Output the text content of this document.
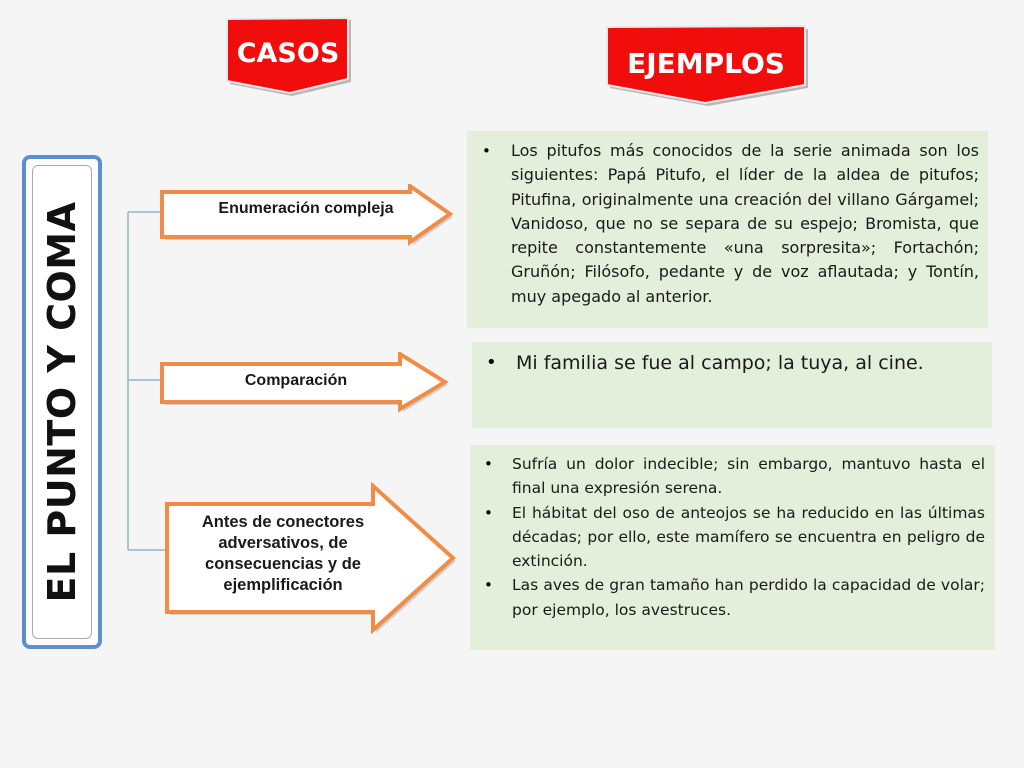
CASOS	EJEMPLOS
EL PUNTO Y COMA	Enumeración compleja
Comparación
Antes de conectores adversativos, de consecuencias y de ejemplificación
• Los pitufos más conocidos de la serie animada son los siguientes: Papá Pitufo, el líder de la aldea de pitufos; Pitufina, originalmente una creación del villano Gárgamel; Vanidoso, que no se separa de su espejo; Bromista, que repite constantemente «una sorpresita»; Fortachón; Gruñón; Filósofo, pedante y de voz aflautada; y Tontín, muy apegado al anterior.
• Mi familia se fue al campo; la tuya, al cine.
• Sufría un dolor indecible; sin embargo, mantuvo hasta el final una expresión serena.
• El hábitat del oso de anteojos se ha reducido en las últimas décadas; por ello, este mamífero se encuentra en peligro de extinción.
• Las aves de gran tamaño han perdido la capacidad de volar; por ejemplo, los avestruces.
